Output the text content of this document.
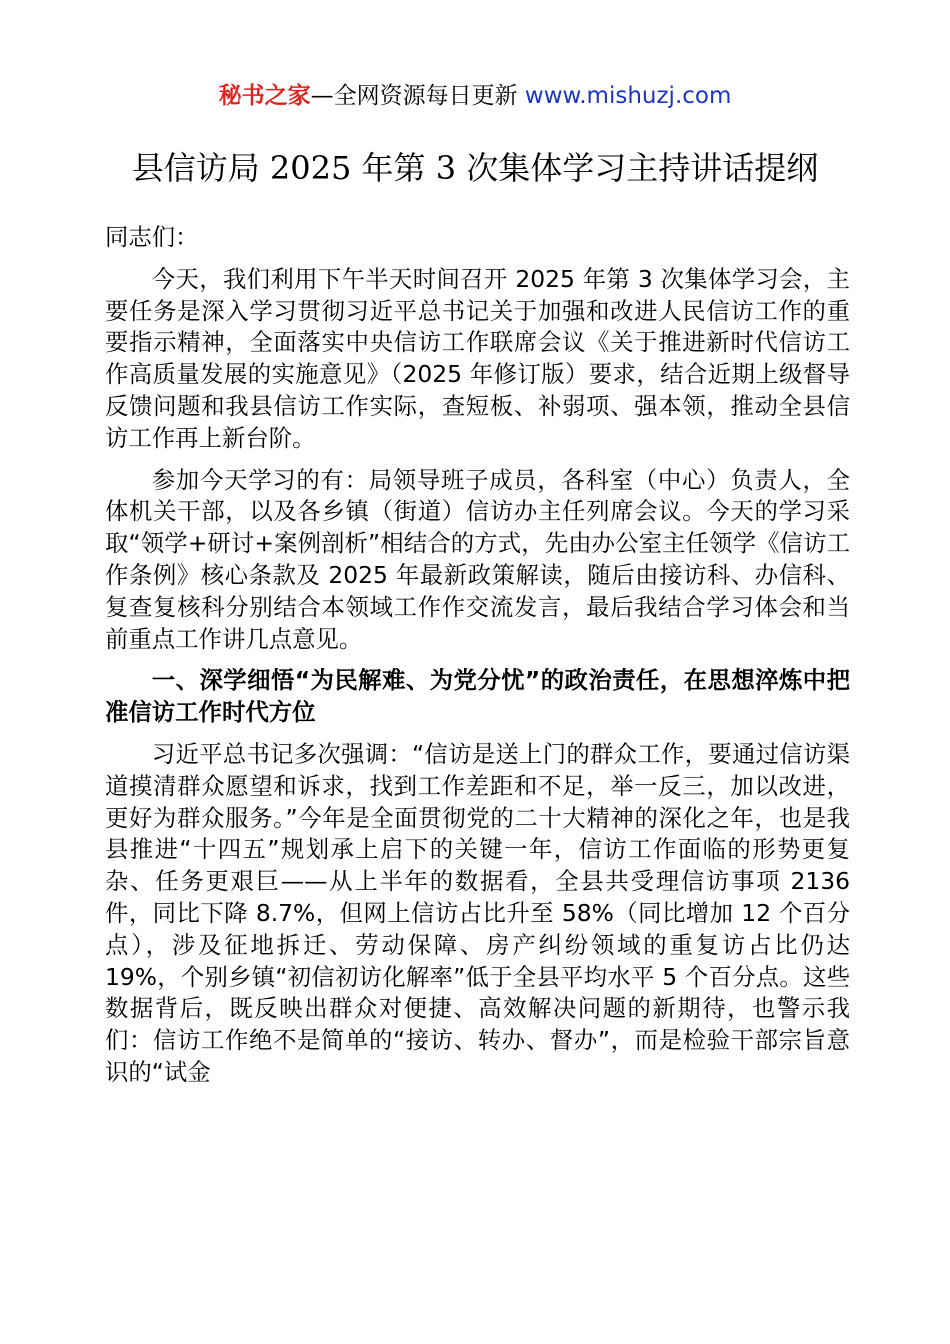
秘书之家—全网资源每日更新 www.mishuzj.com
县信访局 2025 年第 3 次集体学习主持讲话提纲

同志们：

今天，我们利用下午半天时间召开 2025 年第 3 次集体学习会，主要任务是深入学习贯彻习近平总书记关于加强和改进人民信访工作的重要指示精神，全面落实中央信访工作联席会议《关于推进新时代信访工作高质量发展的实施意见》（2025 年修订版）要求，结合近期上级督导反馈问题和我县信访工作实际，查短板、补弱项、强本领，推动全县信访工作再上新台阶。

参加今天学习的有：局领导班子成员，各科室（中心）负责人，全体机关干部，以及各乡镇（街道）信访办主任列席会议。今天的学习采取“领学+研讨+案例剖析”相结合的方式，先由办公室主任领学《信访工作条例》核心条款及 2025 年最新政策解读，随后由接访科、办信科、复查复核科分别结合本领域工作作交流发言，最后我结合学习体会和当前重点工作讲几点意见。

一、深学细悟“为民解难、为党分忧”的政治责任，在思想淬炼中把准信访工作时代方位

习近平总书记多次强调：“信访是送上门的群众工作，要通过信访渠道摸清群众愿望和诉求，找到工作差距和不足，举一反三，加以改进，更好为群众服务。”今年是全面贯彻党的二十大精神的深化之年，也是我县推进“十四五”规划承上启下的关键一年，信访工作面临的形势更复杂、任务更艰巨——从上半年的数据看，全县共受理信访事项 2136 件，同比下降 8.7%，但网上信访占比升至 58%（同比增加 12 个百分点），涉及征地拆迁、劳动保障、房产纠纷领域的重复访占比仍达 19%，个别乡镇“初信初访化解率”低于全县平均水平 5 个百分点。这些数据背后，既反映出群众对便捷、高效解决问题的新期待，也警示我们：信访工作绝不是简单的“接访、转办、督办”，而是检验干部宗旨意识的“试金
